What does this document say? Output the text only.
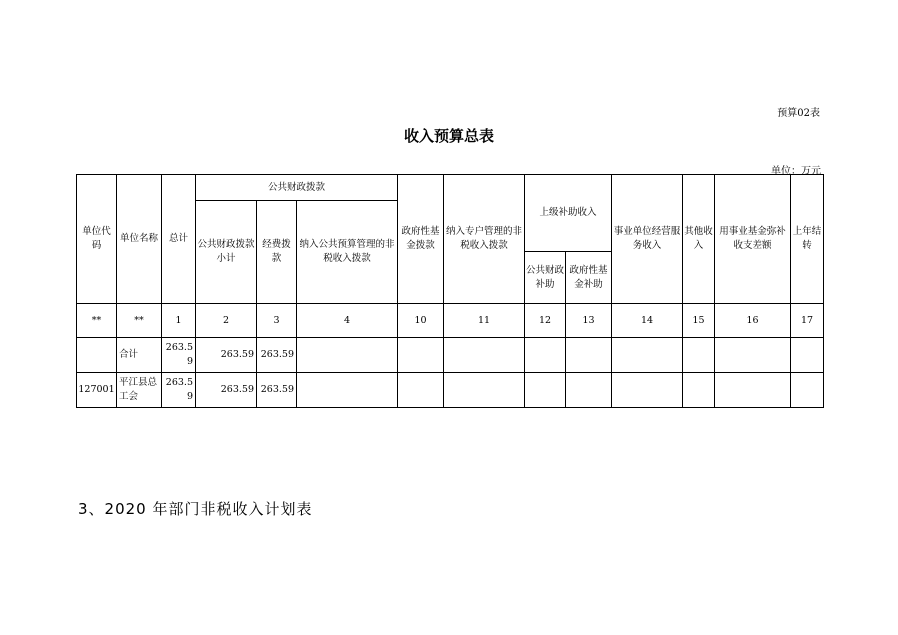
预算02表
收入预算总表
单位：万元
单位代码	单位名称	总计	公共财政拨款			政府性基金拨款	纳入专户管理的非税收入拨款	上级补助收入		事业单位经营服务收入	其他收入	用事业基金弥补收支差额	上年结转
			公共财政拨款小计	经费拨款	纳入公共预算管理的非税收入拨款								
								公共财政补助	政府性基金补助				
**	**	1	2	3	4	10	11	12	13	14	15	16	17
	合计	263.59	263.59	263.59									
127001	平江县总工会	263.59	263.59	263.59									
3、2020 年部门非税收入计划表
